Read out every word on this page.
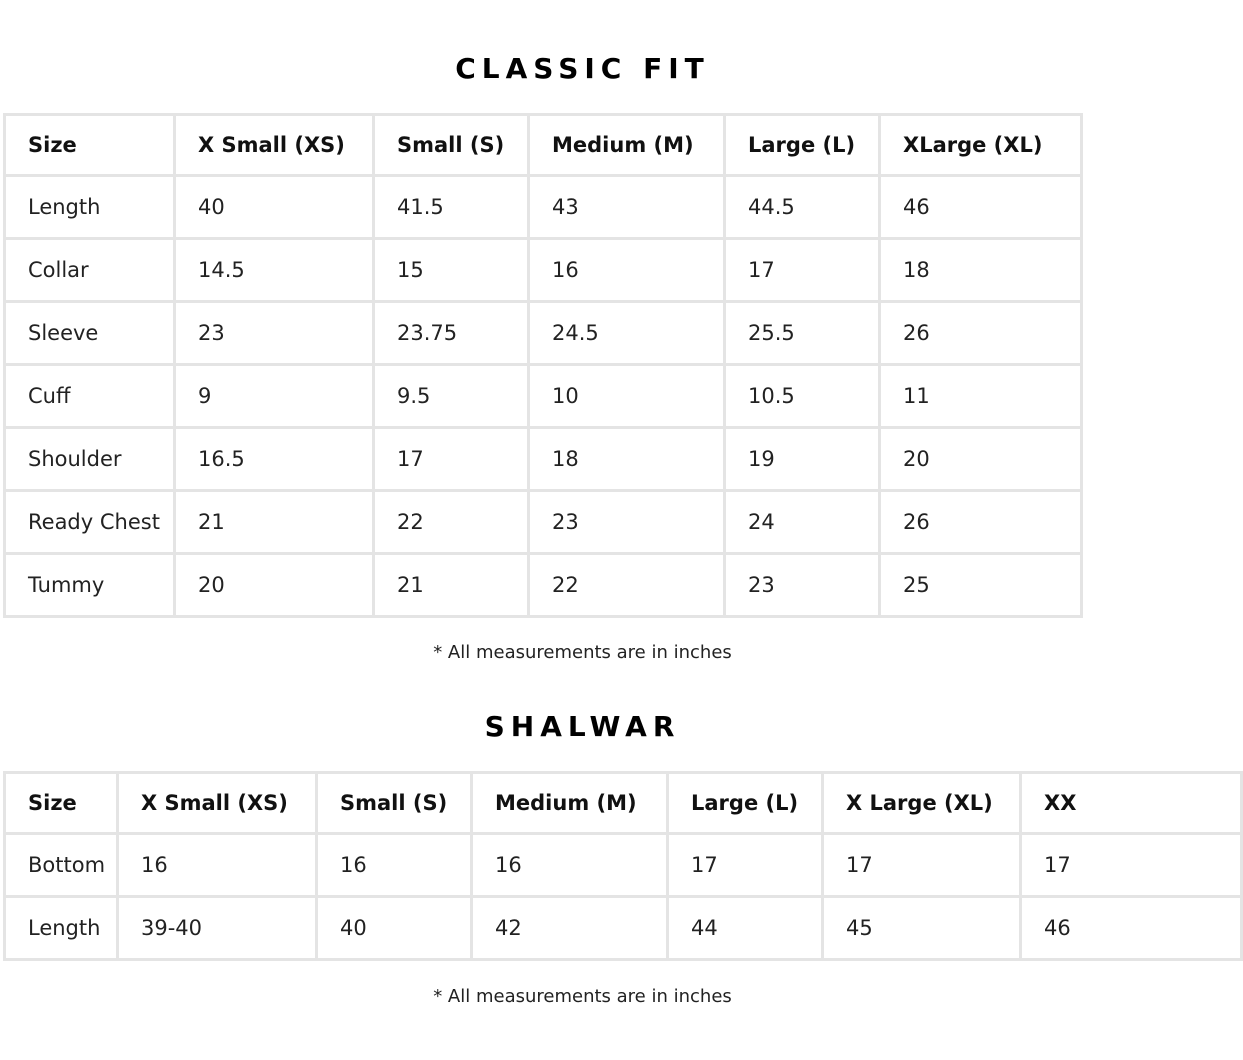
CLASSIC FIT
Size	X Small (XS)	Small (S)	Medium (M)	Large (L)	XLarge (XL)
Length	40	41.5	43	44.5	46
Collar	14.5	15	16	17	18
Sleeve	23	23.75	24.5	25.5	26
Cuff	9	9.5	10	10.5	11
Shoulder	16.5	17	18	19	20
Ready Chest	21	22	23	24	26
Tummy	20	21	22	23	25
* All measurements are in inches
SHALWAR
Size	X Small (XS)	Small (S)	Medium (M)	Large (L)	X Large (XL)	XX
Bottom	16	16	16	17	17	17
Length	39-40	40	42	44	45	46
* All measurements are in inches
